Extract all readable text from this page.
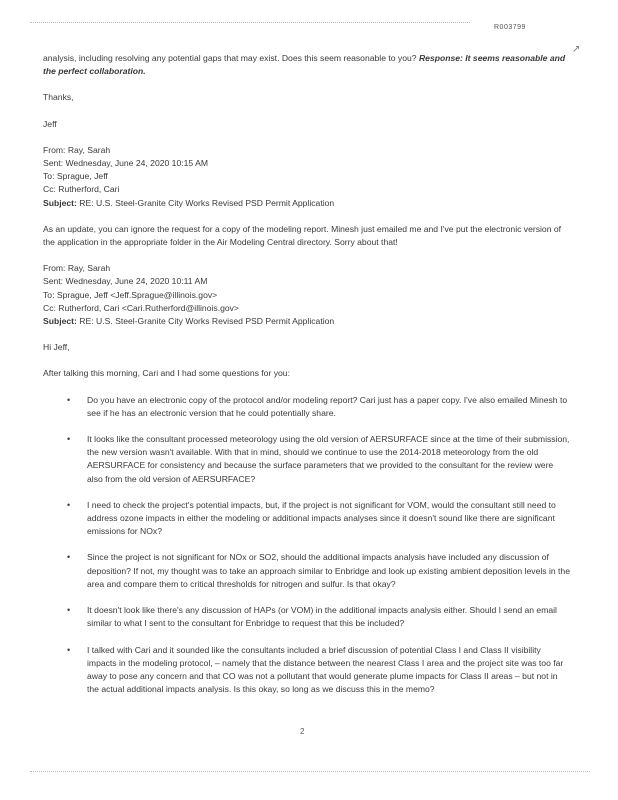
R003799
↗

analysis, including resolving any potential gaps that may exist. Does this seem reasonable to you? Response: It seems reasonable and the perfect collaboration.

Thanks,

Jeff

From: Ray, Sarah
Sent: Wednesday, June 24, 2020 10:15 AM
To: Sprague, Jeff
Cc: Rutherford, Cari
Subject: RE: U.S. Steel-Granite City Works Revised PSD Permit Application

As an update, you can ignore the request for a copy of the modeling report. Minesh just emailed me and I've put the electronic version of the application in the appropriate folder in the Air Modeling Central directory. Sorry about that!

From: Ray, Sarah
Sent: Wednesday, June 24, 2020 10:11 AM
To: Sprague, Jeff <Jeff.Sprague@illinois.gov>
Cc: Rutherford, Cari <Cari.Rutherford@illinois.gov>
Subject: RE: U.S. Steel-Granite City Works Revised PSD Permit Application

Hi Jeff,

After talking this morning, Cari and I had some questions for you:

• Do you have an electronic copy of the protocol and/or modeling report? Cari just has a paper copy. I've also emailed Minesh to see if he has an electronic version that he could potentially share.
• It looks like the consultant processed meteorology using the old version of AERSURFACE since at the time of their submission, the new version wasn't available. With that in mind, should we continue to use the 2014-2018 meteorology from the old AERSURFACE for consistency and because the surface parameters that we provided to the consultant for the review were also from the old version of AERSURFACE?
• I need to check the project's potential impacts, but, if the project is not significant for VOM, would the consultant still need to address ozone impacts in either the modeling or additional impacts analyses since it doesn't sound like there are significant emissions for NOx?
• Since the project is not significant for NOx or SO2, should the additional impacts analysis have included any discussion of deposition? If not, my thought was to take an approach similar to Enbridge and look up existing ambient deposition levels in the area and compare them to critical thresholds for nitrogen and sulfur. Is that okay?
• It doesn't look like there's any discussion of HAPs (or VOM) in the additional impacts analysis either. Should I send an email similar to what I sent to the consultant for Enbridge to request that this be included?
• I talked with Cari and it sounded like the consultants included a brief discussion of potential Class I and Class II visibility impacts in the modeling protocol, – namely that the distance between the nearest Class I area and the project site was too far away to pose any concern and that CO was not a pollutant that would generate plume impacts for Class II areas – but not in the actual additional impacts analysis. Is this okay, so long as we discuss this in the memo?
2
